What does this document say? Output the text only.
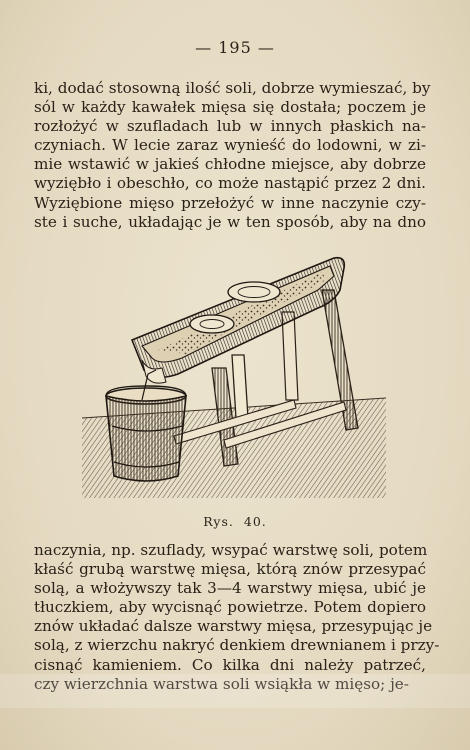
— 195 —
ki, dodać stosowną ilość soli, dobrze wymieszać, by
sól w każdy kawałek mięsa się dostała; poczem je
rozłożyć w szufladach lub w innych płaskich na-
czyniach. W lecie zaraz wynieść do lodowni, w zi-
mie wstawić w jakieś chłodne miejsce, aby dobrze
wyziębło i obeschło, co może nastąpić przez 2 dni.
Wyziębione mięso przełożyć w inne naczynie czy-
ste i suche, układając je w ten sposób, aby na dno
Rys. 40.
naczynia, np. szuflady, wsypać warstwę soli, potem
kłaść grubą warstwę mięsa, którą znów przesypać
solą, a włożywszy tak 3—4 warstwy mięsa, ubić je
tłuczkiem, aby wycisnąć powietrze. Potem dopiero
znów układać dalsze warstwy mięsa, przesypując je
solą, z wierzchu nakryć denkiem drewnianem i przy-
cisnąć kamieniem. Co kilka dni należy patrzeć,
czy wierzchnia warstwa soli wsiąkła w mięso; je-
